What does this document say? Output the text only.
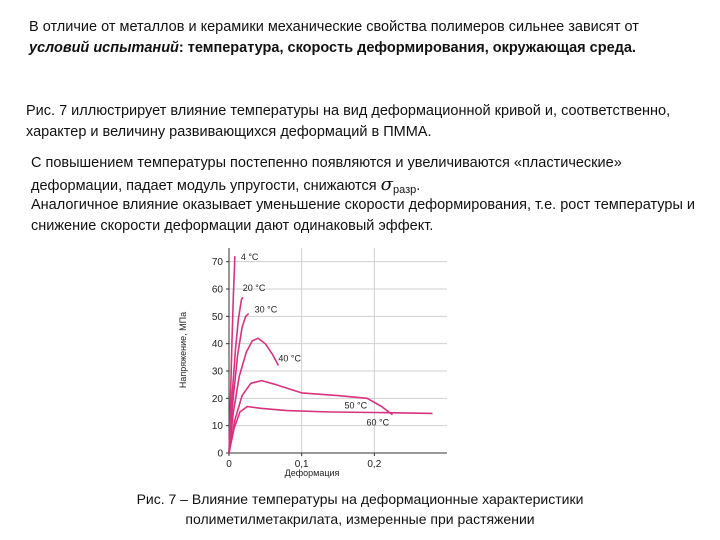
В отличие от металлов и керамики механические свойства полимеров сильнее зависят от условий испытаний: температура, скорость деформирования, окружающая среда.
Рис. 7 иллюстрирует влияние температуры на вид деформационной кривой и, соответственно, характер и величину развивающихся деформаций в ПММА.
С повышением температуры постепенно появляются и увеличиваются «пластические» деформации, падает модуль упругости, снижаются $\sigma_{разр}$.
Аналогичное влияние оказывает уменьшение скорости деформирования, т.е. рост температуры и снижение скорости деформации дают одинаковый эффект.
0
10
20
30
40
50
60
70
0	0,1	0,2
4 °C
20 °C
30 °C
40 °C
50 °C
60 °C
Напряжение, МПа
Деформация
Рис. 7 – Влияние температуры на деформационные характеристики
полиметилметакрилата, измеренные при растяжении
